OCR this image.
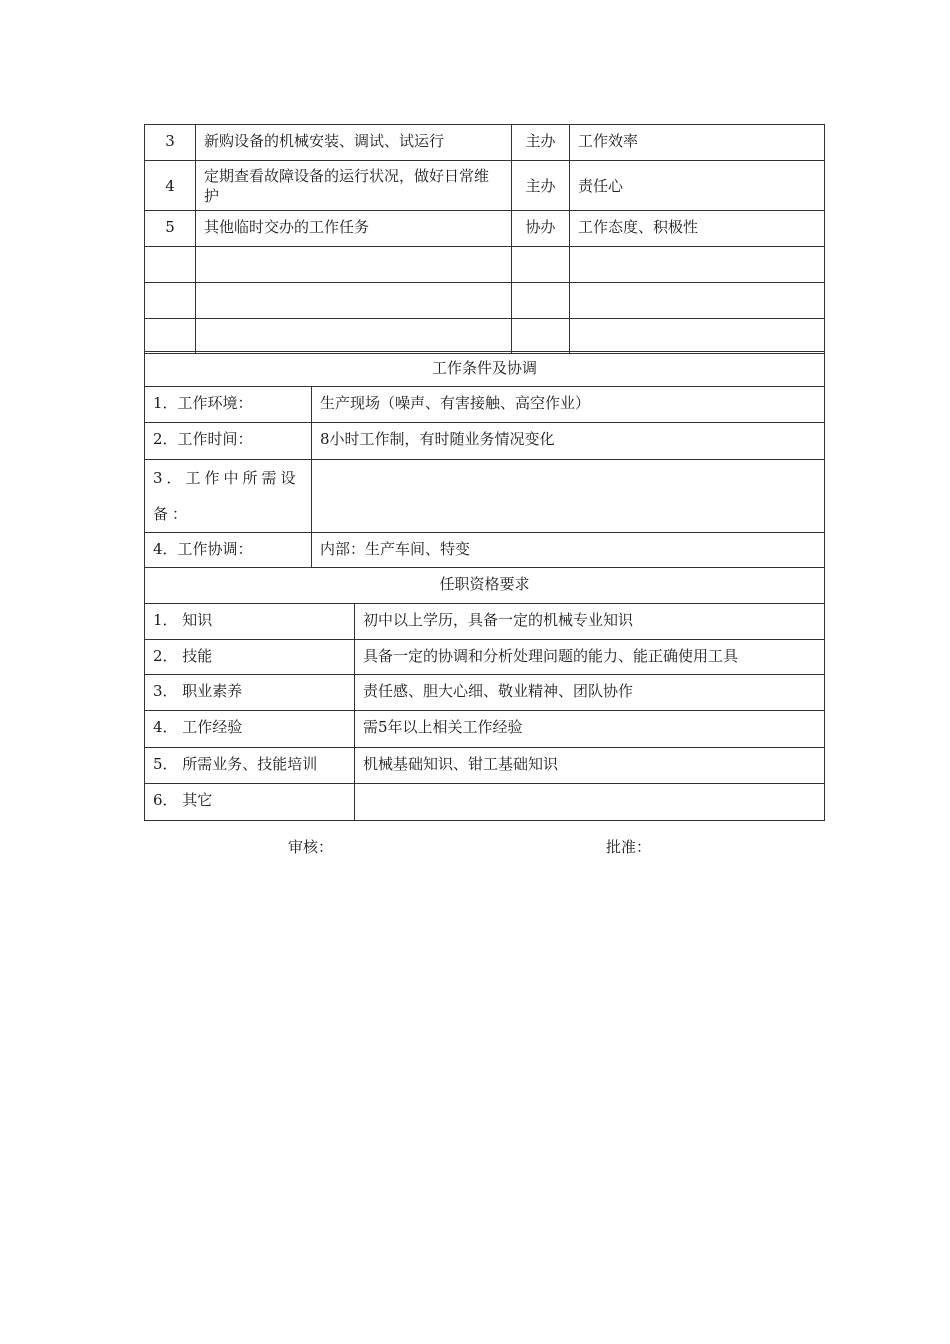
3	新购设备的机械安装、调试、试运行	主办	工作效率
4	定期查看故障设备的运行状况，做好日常维护	主办	责任心
5	其他临时交办的工作任务	协办	工作态度、积极性

工作条件及协调	
1．工作环境：	生产现场（噪声、有害接触、高空作业）
2．工作时间：	8小时工作制，有时随业务情况变化
3．工作中所需设备：	
4．工作协调：	内部：生产车间、特变
任职资格要求	
1． 知识	初中以上学历，具备一定的机械专业知识
2． 技能	具备一定的协调和分析处理问题的能力、能正确使用工具
3． 职业素养	责任感、胆大心细、敬业精神、团队协作
4． 工作经验	需5年以上相关工作经验
5． 所需业务、技能培训	机械基础知识、钳工基础知识
6． 其它	
审核：	批准：
